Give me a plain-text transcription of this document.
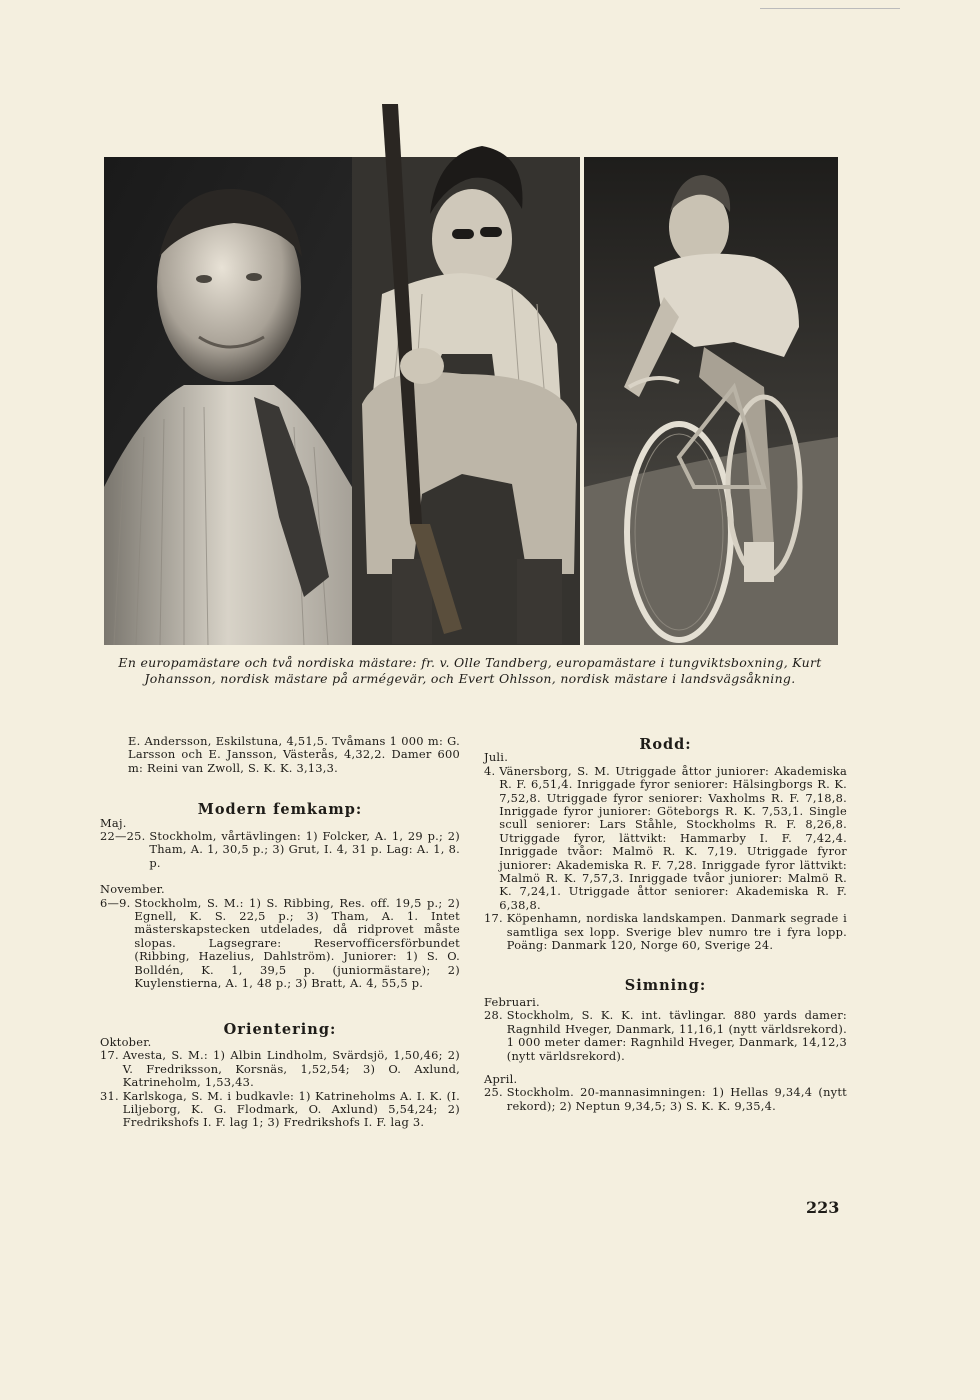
En europamästare och två nordiska mästare: fr. v. Olle Tandberg, europamästare i tungviktsboxning, Kurt Johansson, nordisk mästare på armégevär, och Evert Ohlsson, nordisk mästare i landsvägsåkning.

E. Andersson, Eskilstuna, 4,51,5. Tvåmans 1 000 m: G. Larsson och E. Jansson, Västerås, 4,32,2. Damer 600 m: Reini van Zwoll, S. K. K. 3,13,3.

Modern femkamp:

Maj.

22—25. Stockholm, vårtävlingen: 1) Folcker, A. 1, 29 p.; 2) Tham, A. 1, 30,5 p.; 3) Grut, I. 4, 31 p. Lag: A. 1, 8. p.

November.

6—9. Stockholm, S. M.: 1) S. Ribbing, Res. off. 19,5 p.; 2) Egnell, K. S. 22,5 p.; 3) Tham, A. 1. Intet mästerskapstecken utdelades, då ridprovet måste slopas. Lagsegrare: Reservofficersförbundet (Ribbing, Hazelius, Dahlström). Juniorer: 1) S. O. Bolldén, K. 1, 39,5 p. (juniormästare); 2) Kuylenstierna, A. 1, 48 p.; 3) Bratt, A. 4, 55,5 p.

Orientering:

Oktober.

17. Avesta, S. M.: 1) Albin Lindholm, Svärdsjö, 1,50,46; 2) V. Fredriksson, Korsnäs, 1,52,54; 3) O. Axlund, Katrineholm, 1,53,43.
31. Karlskoga, S. M. i budkavle: 1) Katrineholms A. I. K. (I. Liljeborg, K. G. Flodmark, O. Axlund) 5,54,24; 2) Fredrikshofs I. F. lag 1; 3) Fredrikshofs I. F. lag 3.

Rodd:

Juli.

4. Vänersborg, S. M. Utriggade åttor juniorer: Akademiska R. F. 6,51,4. Inriggade fyror seniorer: Hälsingborgs R. K. 7,52,8. Utriggade fyror seniorer: Vaxholms R. F. 7,18,8. Inriggade fyror juniorer: Göteborgs R. K. 7,53,1. Single scull seniorer: Lars Ståhle, Stockholms R. F. 8,26,8. Utriggade fyror, lättvikt: Hammarby I. F. 7,42,4. Inriggade tvåor: Malmö R. K. 7,19. Utriggade fyror juniorer: Akademiska R. F. 7,28. Inriggade fyror lättvikt: Malmö R. K. 7,57,3. Inriggade tvåor juniorer: Malmö R. K. 7,24,1. Utriggade åttor seniorer: Akademiska R. F. 6,38,8.
17. Köpenhamn, nordiska landskampen. Danmark segrade i samtliga sex lopp. Sverige blev numro tre i fyra lopp. Poäng: Danmark 120, Norge 60, Sverige 24.

Simning:

Februari.

28. Stockholm, S. K. K. int. tävlingar. 880 yards damer: Ragnhild Hveger, Danmark, 11,16,1 (nytt världsrekord). 1 000 meter damer: Ragnhild Hveger, Danmark, 14,12,3 (nytt världsrekord).

April.

25. Stockholm. 20-mannasimningen: 1) Hellas 9,34,4 (nytt rekord); 2) Neptun 9,34,5; 3) S. K. K. 9,35,4.
223
